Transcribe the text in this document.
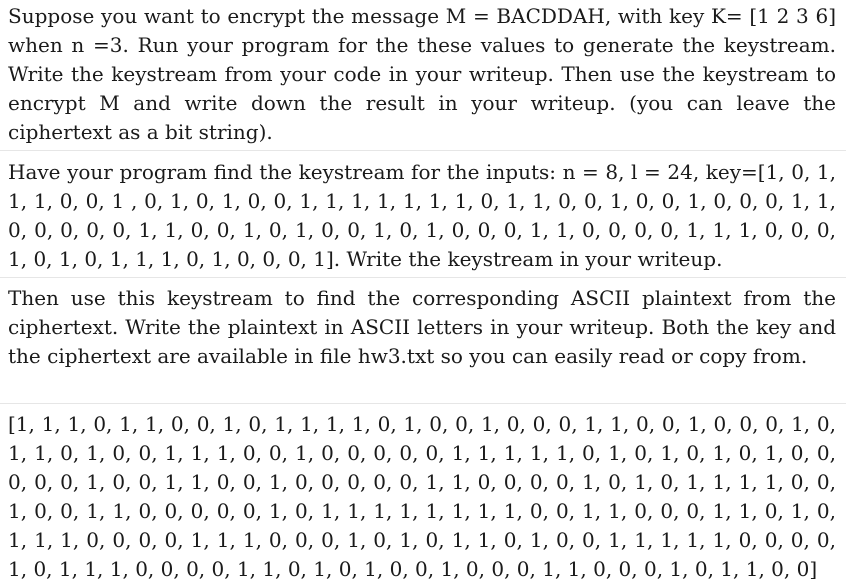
Suppose you want to encrypt the message M = BACDDAH, with key K= [1 2 3 6] when n =3. Run your program for the these values to generate the keystream. Write the keystream from your code in your writeup. Then use the keystream to encrypt M and write down the result in your writeup. (you can leave the ciphertext as a bit string).
Have your program find the keystream for the inputs: n = 8, l = 24, key=[1, 0, 1, 1, 1, 0, 0, 1 , 0, 1, 0, 1, 0, 0, 1, 1, 1, 1, 1, 1, 1, 0, 1, 1, 0, 0, 1, 0, 0, 1, 0, 0, 0, 1, 1, 0, 0, 0, 0, 0, 1, 1, 0, 0, 1, 0, 1, 0, 0, 1, 0, 1, 0, 0, 0, 1, 1, 0, 0, 0, 0, 1, 1, 1, 0, 0, 0, 1, 0, 1, 0, 1, 1, 1, 0, 1, 0, 0, 0, 1]. Write the keystream in your writeup.
Then use this keystream to find the corresponding ASCII plaintext from the ciphertext. Write the plaintext in ASCII letters in your writeup. Both the key and the ciphertext are available in file hw3.txt so you can easily read or copy from.
[1, 1, 1, 0, 1, 1, 0, 0, 1, 0, 1, 1, 1, 1, 0, 1, 0, 0, 1, 0, 0, 0, 1, 1, 0, 0, 1, 0, 0, 0, 1, 0, 1, 1, 0, 1, 0, 0, 1, 1, 1, 0, 0, 1, 0, 0, 0, 0, 0, 1, 1, 1, 1, 1, 0, 1, 0, 1, 0, 1, 0, 1, 0, 0, 0, 0, 0, 1, 0, 0, 1, 1, 0, 0, 1, 0, 0, 0, 0, 0, 1, 1, 0, 0, 0, 0, 1, 0, 1, 0, 1, 1, 1, 1, 0, 0, 1, 0, 0, 1, 1, 0, 0, 0, 0, 0, 1, 0, 1, 1, 1, 1, 1, 1, 1, 1, 0, 0, 1, 1, 0, 0, 0, 1, 1, 0, 1, 0, 1, 1, 1, 0, 0, 0, 0, 1, 1, 1, 0, 0, 0, 1, 0, 1, 0, 1, 1, 0, 1, 0, 0, 1, 1, 1, 1, 1, 0, 0, 0, 0, 1, 0, 1, 1, 1, 0, 0, 0, 0, 1, 1, 0, 1, 0, 1, 0, 0, 1, 0, 0, 0, 1, 1, 0, 0, 0, 1, 0, 1, 1, 0, 0]
